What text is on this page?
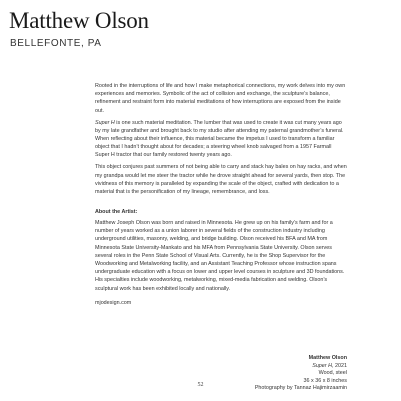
Matthew Olson
BELLEFONTE, PA

Rooted in the interruptions of life and how I make metaphorical connections, my work delves into my own experiences and memories. Symbolic of the act of collision and exchange, the sculpture’s balance, refinement and restraint form into material meditations of how interruptions are exposed from the inside out.

Super H is one such material meditation. The lumber that was used to create it was cut many years ago by my late grandfather and brought back to my studio after attending my paternal grandmother’s funeral. When reflecting about their influence, this material became the impetus I used to transform a familiar object that I hadn’t thought about for decades; a steering wheel knob salvaged from a 1957 Farmall Super H tractor that our family restored twenty years ago.

This object conjures past summers of not being able to carry and stack hay bales on hay racks, and when my grandpa would let me steer the tractor while he drove straight ahead for several yards, then stop. The vividness of this memory is paralleled by expanding the scale of the object, crafted with dedication to a material that is the personification of my lineage, remembrance, and loss.

About the Artist:

Matthew Joseph Olson was born and raised in Minnesota. He grew up on his family’s farm and for a number of years worked as a union laborer in several fields of the construction industry including underground utilities, masonry, welding, and bridge building. Olson received his BFA and MA from Minnesota State University-Mankato and his MFA from Pennsylvania State University. Olson serves several roles in the Penn State School of Visual Arts. Currently, he is the Shop Supervisor for the Woodworking and Metalworking facility, and an Assistant Teaching Professor whose instruction spans undergraduate education with a focus on lower and upper level courses in sculpture and 3D foundations. His specialties include woodworking, metalworking, mixed-media fabrication and welding. Olson’s sculptural work has been exhibited locally and nationally.

mjodesign.com

Matthew Olson
Super H, 2021
Wood, steel
36 x 36 x 8 inches
Photography by Tannaz Hajimirzaamin
52
